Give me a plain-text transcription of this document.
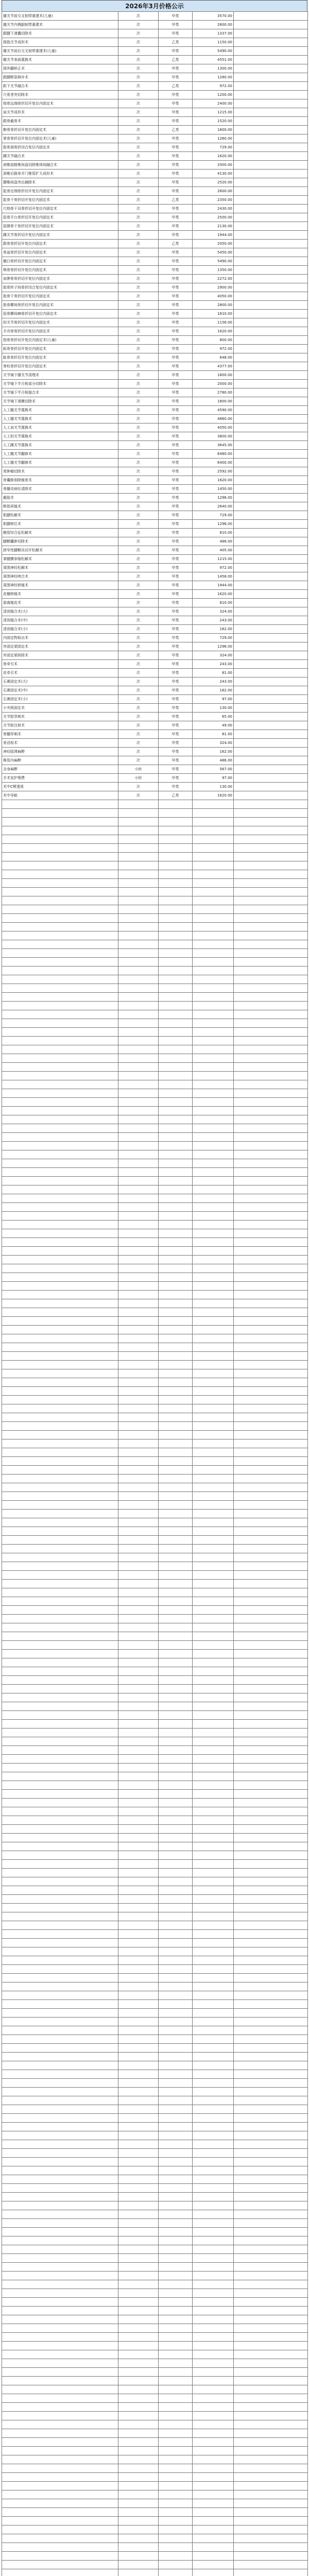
2026年3月价格公示
膝关节前交叉韧带重建术(儿童)	次	甲类	3570.00	
膝关节内侧副韧带重建术	次	甲类	2600.00	
跟腱下滑囊切除术	次	甲类	1337.00	
拇指关节成形术	次	乙类	1150.00	
膝关节前后交叉韧带重建术(儿童)	次	甲类	5490.00	
髋关节表面置换术	次	乙类	4551.00	
拇外翻矫正术	次	甲类	1300.00	
跟腱断裂修补术	次	甲类	1280.00	
距下关节融合术	次	乙类	972.00	
尺骨茎突切除术	次	甲类	1200.00	
桡骨远端骨折切开复位内固定术	次	甲类	2400.00	
肩关节成形术	次	甲类	1215.00	
跟骨截骨术	次	甲类	1520.00	
髌骨骨折切开复位内固定术	次	乙类	1800.00	
掌骨骨折切开复位内固定术(儿童)	次	甲类	1260.00	
股骨颈骨折闭合复位内固定术	次	甲类	729.00	
踝关节融合术	次	甲类	1620.00	
颈椎前路椎间盘切除椎体间融合术	次	甲类	3300.00	
颈椎后路单开门椎管扩大成形术	次	甲类	4130.00	
腰椎间盘突出摘除术	次	甲类	2520.00	
肱骨近端骨折切开复位内固定术	次	甲类	2600.00	
肱骨干骨折切开复位内固定术	次	乙类	2350.00	
尺桡骨干双骨折切开复位内固定术	次	甲类	2430.00	
胫骨平台骨折切开复位内固定术	次	甲类	2500.00	
胫腓骨干骨折切开复位内固定术	次	甲类	2130.00	
踝关节骨折切开复位内固定术	次	甲类	1944.00	
跟骨骨折切开复位内固定术	次	乙类	2050.00	
骨盆骨折切开复位内固定术	次	甲类	5450.00	
髋臼骨折切开复位内固定术	次	甲类	5490.00	
锁骨骨折切开复位内固定术	次	甲类	1350.00	
肩胛骨骨折切开复位内固定术	次	甲类	2272.00	
股骨转子间骨折闭合复位内固定术	次	甲类	2900.00	
股骨干骨折切开复位内固定术	次	甲类	4050.00	
股骨髁间骨折切开复位内固定术	次	甲类	2800.00	
胫骨髁间棘骨折切开复位内固定术	次	甲类	1810.00	
肘关节骨折切开复位内固定术	次	甲类	1156.00	
手舟骨骨折切开复位内固定术	次	甲类	1620.00	
指骨骨折切开复位内固定术(儿童)	次	甲类	800.00	
跖骨骨折切开复位内固定术	次	甲类	972.00	
趾骨骨折切开复位内固定术	次	甲类	648.00	
脊柱骨折切开复位内固定术	次	甲类	4377.00	
关节镜下膝关节清理术	次	甲类	1800.00	
关节镜下半月板部分切除术	次	甲类	2000.00	
关节镜下半月板缝合术	次	甲类	2780.00	
关节镜下滑膜切除术	次	甲类	1800.00	
人工髋关节置换术	次	甲类	4590.00	
人工膝关节置换术	次	甲类	4860.00	
人工肩关节置换术	次	甲类	4050.00	
人工肘关节置换术	次	甲类	3800.00	
人工踝关节置换术	次	甲类	3645.00	
人工髋关节翻修术	次	甲类	6480.00	
人工膝关节翻修术	次	甲类	6400.00	
骨肿瘤切除术	次	甲类	2592.00	
骨囊肿刮除植骨术	次	甲类	1620.00	
骨髓炎病灶清除术	次	甲类	1450.00	
截肢术	次	甲类	1296.00	
断指再植术	次	甲类	2640.00	
肌腱松解术	次	甲类	729.00	
肌腱移位术	次	甲类	1296.00	
腕管综合征松解术	次	甲类	810.00	
腱鞘囊肿切除术	次	甲类	486.00	
狭窄性腱鞘炎切开松解术	次	甲类	405.00	
掌腱膜挛缩松解术	次	甲类	1215.00	
周围神经松解术	次	甲类	972.00	
周围神经吻合术	次	甲类	1458.00	
周围神经移植术	次	甲类	1944.00	
皮瓣移植术	次	甲类	1620.00	
游离植皮术	次	甲类	810.00	
清创缝合术(大)	次	甲类	324.00	
清创缝合术(中)	次	甲类	243.00	
清创缝合术(小)	次	甲类	162.00	
内固定物取出术	次	甲类	729.00	
外固定架固定术	次	甲类	1296.00	
外固定架拆除术	次	甲类	324.00	
骨牵引术	次	甲类	243.00	
皮牵引术	次	甲类	81.00	
石膏固定术(大)	次	甲类	243.00	
石膏固定术(中)	次	甲类	162.00	
石膏固定术(小)	次	甲类	97.00	
小夹板固定术	次	甲类	130.00	
关节腔穿刺术	次	甲类	65.00	
关节腔注射术	次	甲类	49.00	
骨髓穿刺术	次	甲类	81.00	
骨活检术	次	甲类	324.00	
神经阻滞麻醉	次	甲类	162.00	
椎管内麻醉	次	甲类	486.00	
全身麻醉	小时	甲类	567.00	
手术室护理费	小时	甲类	97.00	
术中C臂透视	次	甲类	130.00	
术中导航	次	乙类	1620.00	
